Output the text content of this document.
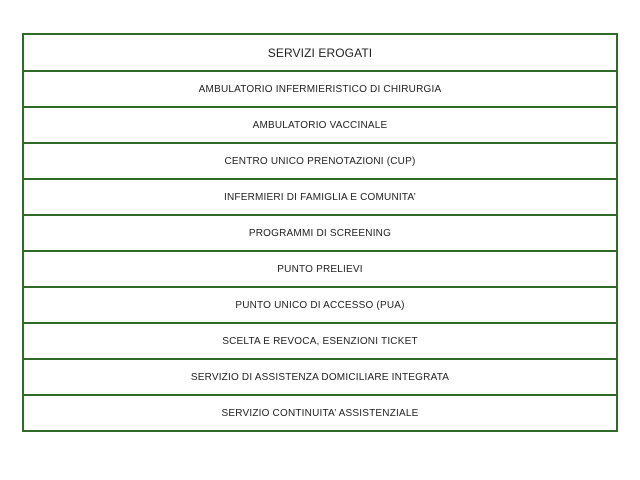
SERVIZI EROGATI
AMBULATORIO INFERMIERISTICO DI CHIRURGIA
AMBULATORIO VACCINALE
CENTRO UNICO PRENOTAZIONI (CUP)
INFERMIERI DI FAMIGLIA E COMUNITA’
PROGRAMMI DI SCREENING
PUNTO PRELIEVI
PUNTO UNICO DI ACCESSO (PUA)
SCELTA E REVOCA, ESENZIONI TICKET
SERVIZIO DI ASSISTENZA DOMICILIARE INTEGRATA
SERVIZIO CONTINUITA’ ASSISTENZIALE
